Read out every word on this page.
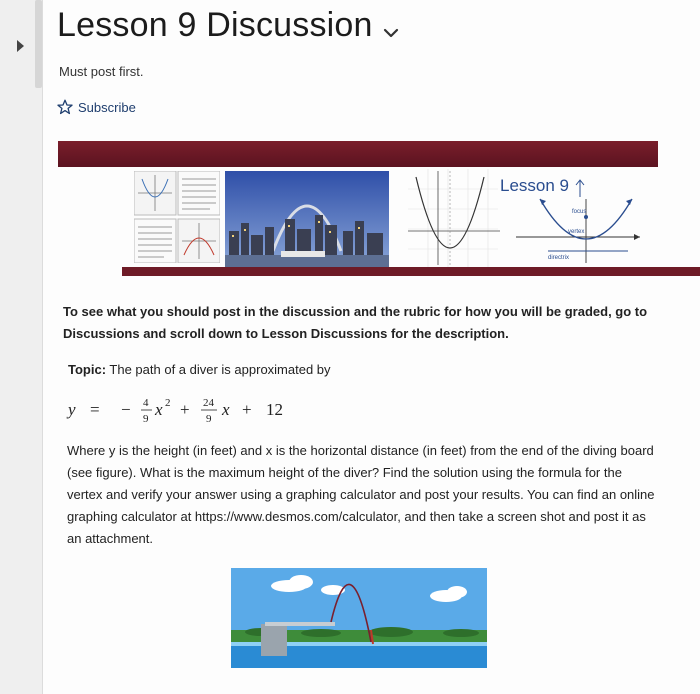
Lesson 9 Discussion
Must post first.
Subscribe
Lesson 9
focus
vertex
directrix
To see what you should post in the discussion and the rubric for how you will be graded, go to Discussions and scroll down to Lesson Discussions for the description.
Topic: The path of a diver is approximated by
y = − 4
9 x 2 + 24
9 x + 12
Where y is the height (in feet) and x is the horizontal distance (in feet) from the end of the diving board (see figure). What is the maximum height of the diver? Find the solution using the formula for the vertex and verify your answer using a graphing calculator and post your results. You can find an online graphing calculator at https://www.desmos.com/calculator, and then take a screen shot and post it as an attachment.
